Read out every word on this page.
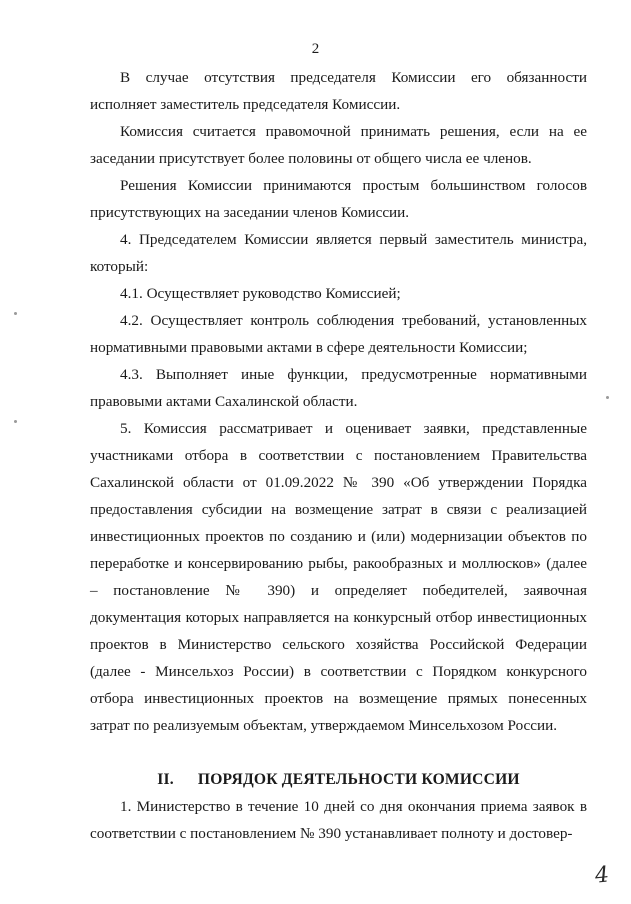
2

В случае отсутствия председателя Комиссии его обязанности исполняет заместитель председателя Комиссии.

Комиссия считается правомочной принимать решения, если на ее заседании присутствует более половины от общего числа ее членов.

Решения Комиссии принимаются простым большинством голосов присутствующих на заседании членов Комиссии.

4. Председателем Комиссии является первый заместитель министра, который:

4.1. Осуществляет руководство Комиссией;

4.2. Осуществляет контроль соблюдения требований, установленных нормативными правовыми актами в сфере деятельности Комиссии;

4.3. Выполняет иные функции, предусмотренные нормативными правовыми актами Сахалинской области.

5. Комиссия рассматривает и оценивает заявки, представленные участниками отбора в соответствии с постановлением Правительства Сахалинской области от 01.09.2022 № 390 «Об утверждении Порядка предоставления субсидии на возмещение затрат в связи с реализацией инвестиционных проектов по созданию и (или) модернизации объектов по переработке и консервированию рыбы, ракообразных и моллюсков» (далее – постановление № 390) и определяет победителей, заявочная документация которых направляется на конкурсный отбор инвестиционных проектов в Министерство сельского хозяйства Российской Федерации (далее - Минсельхоз России) в соответствии с Порядком конкурсного отбора инвестиционных проектов на возмещение прямых понесенных затрат по реализуемым объектам, утверждаемом Минсельхозом России.

II. ПОРЯДОК ДЕЯТЕЛЬНОСТИ КОМИССИИ

1. Министерство в течение 10 дней со дня окончания приема заявок в соответствии с постановлением № 390 устанавливает полноту и достовер-

4
